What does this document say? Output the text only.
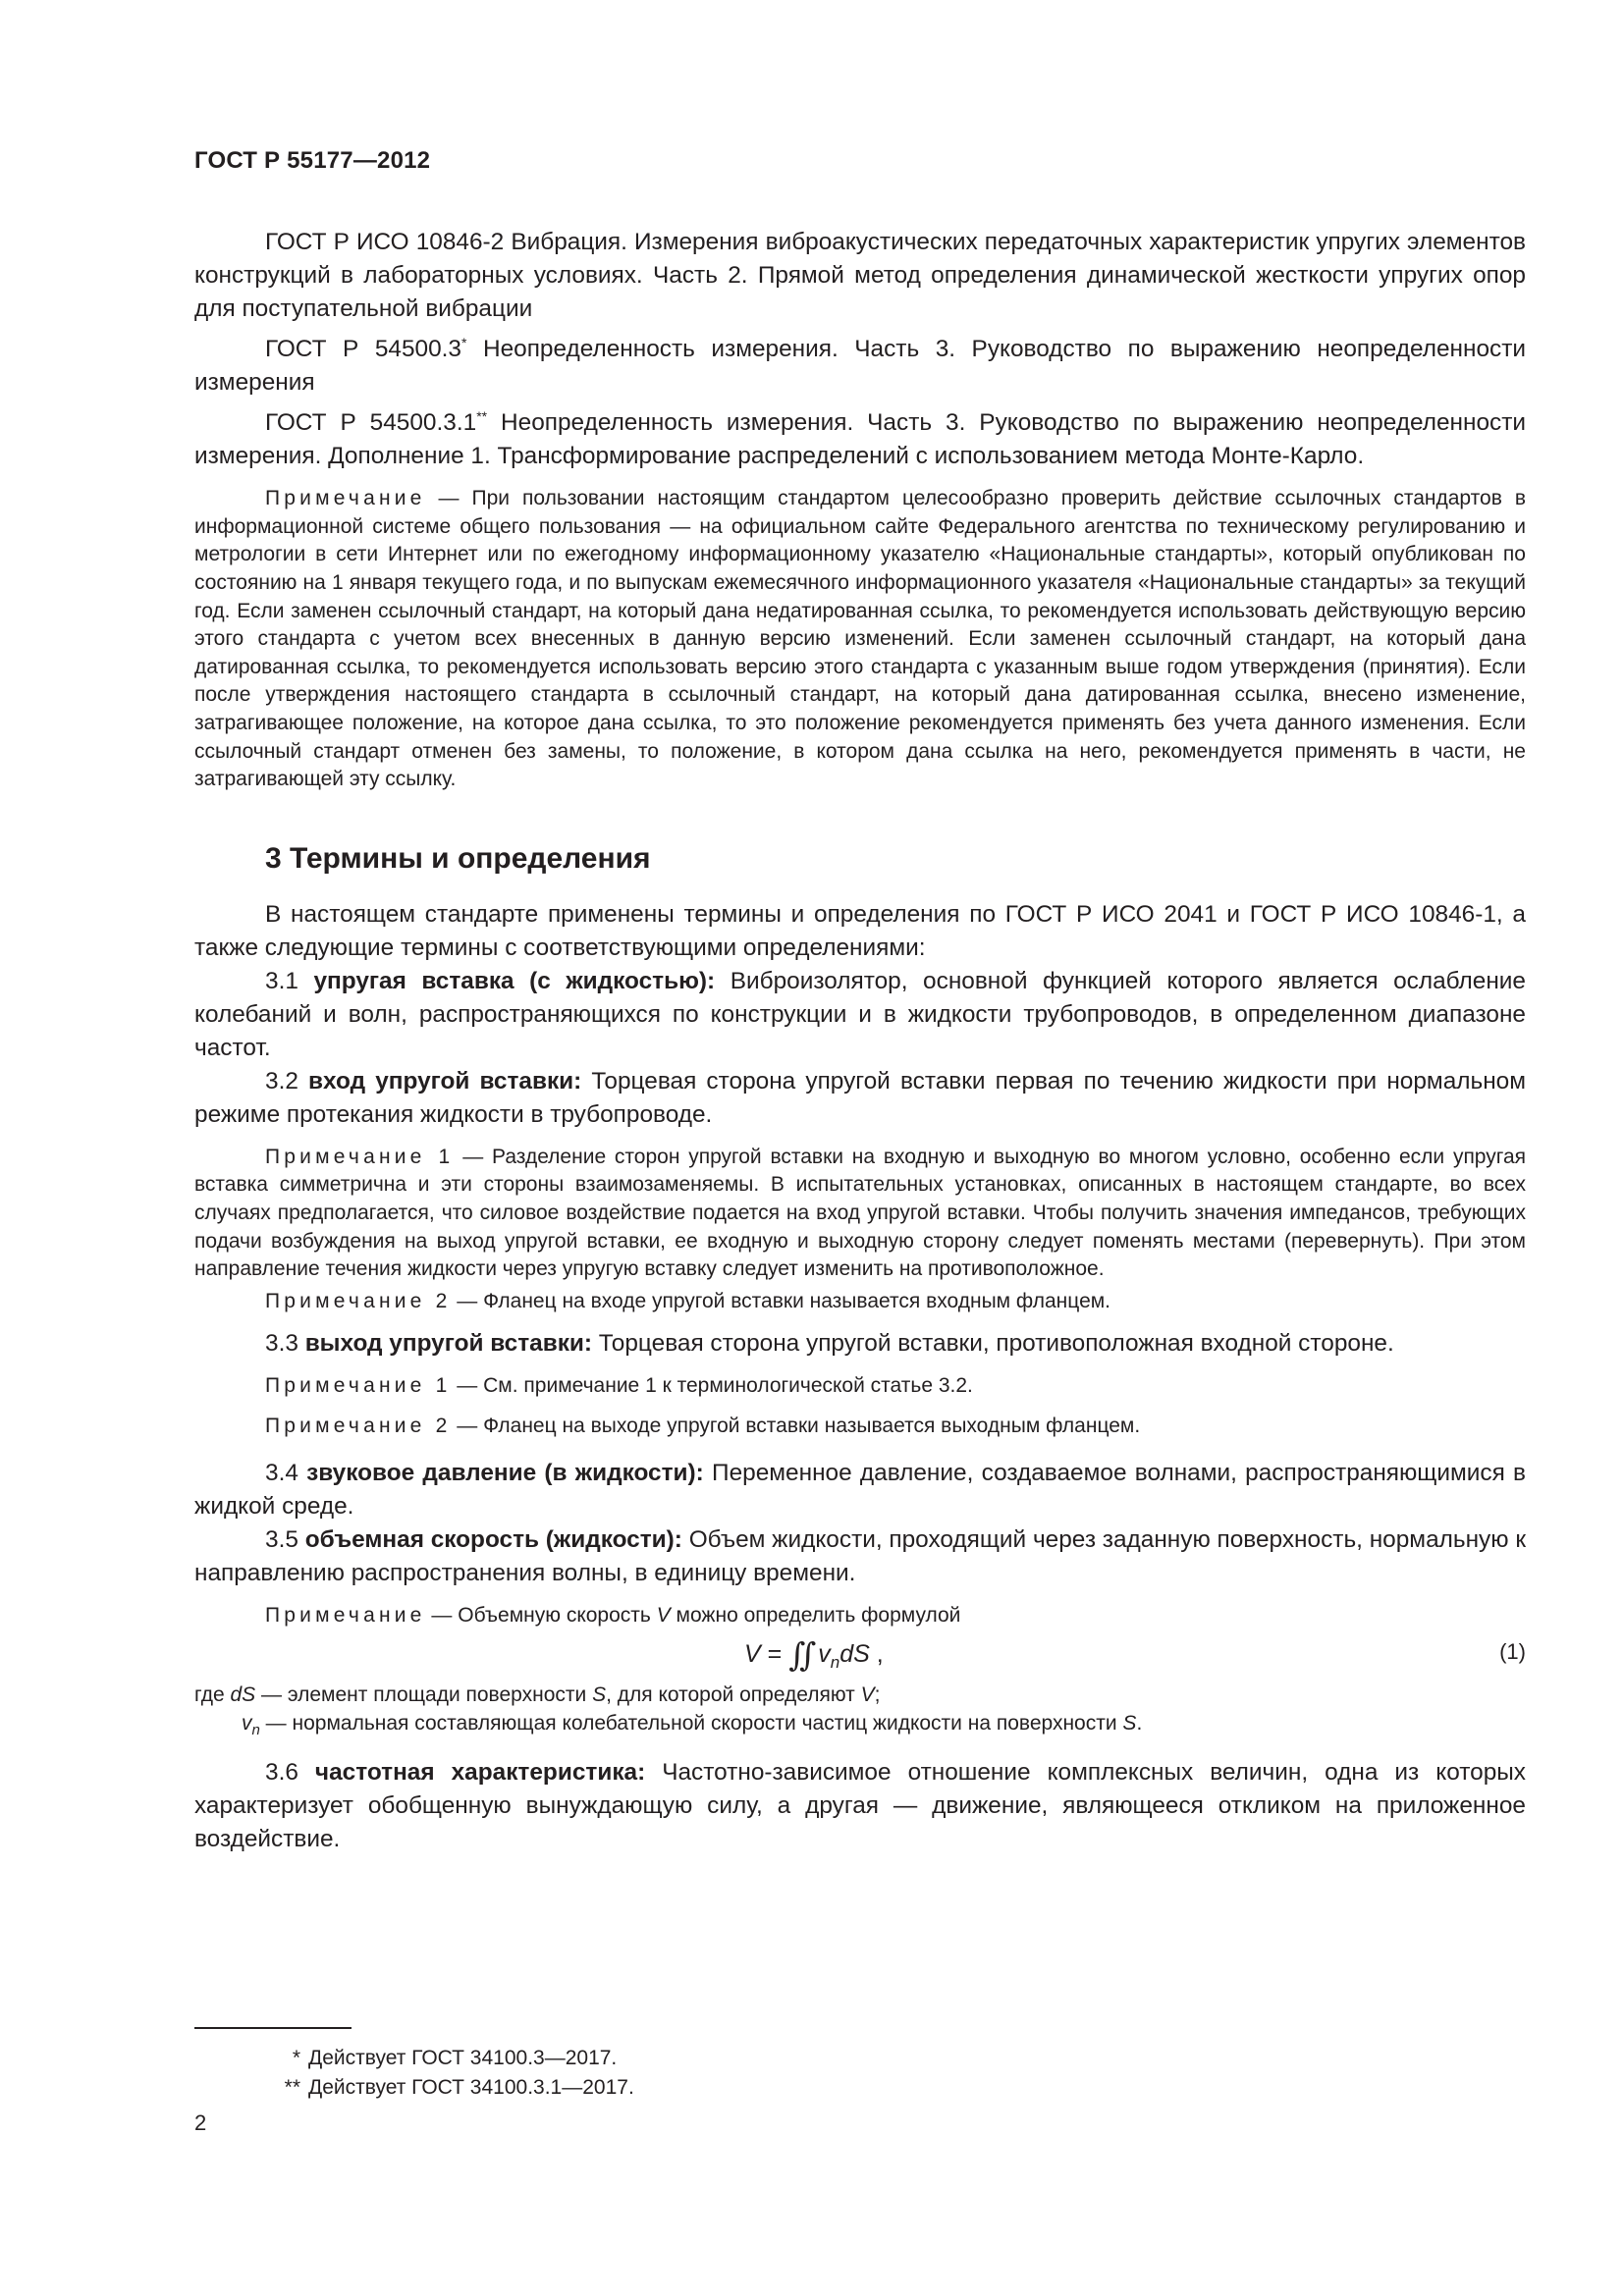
ГОСТ Р 55177—2012

ГОСТ Р ИСО 10846-2 Вибрация. Измерения виброакустических передаточных характеристик упругих элементов конструкций в лабораторных условиях. Часть 2. Прямой метод определения динамической жесткости упругих опор для поступательной вибрации

ГОСТ Р 54500.3* Неопределенность измерения. Часть 3. Руководство по выражению неопределенности измерения

ГОСТ Р 54500.3.1** Неопределенность измерения. Часть 3. Руководство по выражению неопределенности измерения. Дополнение 1. Трансформирование распределений с использованием метода Монте-Карло.

Примечание — При пользовании настоящим стандартом целесообразно проверить действие ссылочных стандартов в информационной системе общего пользования — на официальном сайте Федерального агентства по техническому регулированию и метрологии в сети Интернет или по ежегодному информационному указателю «Национальные стандарты», который опубликован по состоянию на 1 января текущего года, и по выпускам ежемесячного информационного указателя «Национальные стандарты» за текущий год. Если заменен ссылочный стандарт, на который дана недатированная ссылка, то рекомендуется использовать действующую версию этого стандарта с учетом всех внесенных в данную версию изменений. Если заменен ссылочный стандарт, на который дана датированная ссылка, то рекомендуется использовать версию этого стандарта с указанным выше годом утверждения (принятия). Если после утверждения настоящего стандарта в ссылочный стандарт, на который дана датированная ссылка, внесено изменение, затрагивающее положение, на которое дана ссылка, то это положение рекомендуется применять без учета данного изменения. Если ссылочный стандарт отменен без замены, то положение, в котором дана ссылка на него, рекомендуется применять в части, не затрагивающей эту ссылку.

3 Термины и определения

В настоящем стандарте применены термины и определения по ГОСТ Р ИСО 2041 и ГОСТ Р ИСО 10846-1, а также следующие термины с соответствующими определениями:

3.1 упругая вставка (с жидкостью): Виброизолятор, основной функцией которого является ослабление колебаний и волн, распространяющихся по конструкции и в жидкости трубопроводов, в определенном диапазоне частот.

3.2 вход упругой вставки: Торцевая сторона упругой вставки первая по течению жидкости при нормальном режиме протекания жидкости в трубопроводе.

Примечание 1 — Разделение сторон упругой вставки на входную и выходную во многом условно, особенно если упругая вставка симметрична и эти стороны взаимозаменяемы. В испытательных установках, описанных в настоящем стандарте, во всех случаях предполагается, что силовое воздействие подается на вход упругой вставки. Чтобы получить значения импедансов, требующих подачи возбуждения на выход упругой вставки, ее входную и выходную сторону следует поменять местами (перевернуть). При этом направление течения жидкости через упругую вставку следует изменить на противоположное.

Примечание 2 — Фланец на входе упругой вставки называется входным фланцем.

3.3 выход упругой вставки: Торцевая сторона упругой вставки, противоположная входной стороне.

Примечание 1 — См. примечание 1 к терминологической статье 3.2.

Примечание 2 — Фланец на выходе упругой вставки называется выходным фланцем.

3.4 звуковое давление (в жидкости): Переменное давление, создаваемое волнами, распространяющимися в жидкой среде.

3.5 объемная скорость (жидкости): Объем жидкости, проходящий через заданную поверхность, нормальную к направлению распространения волны, в единицу времени.

Примечание — Объемную скорость V можно определить формулой

V = ∬ $v_ndS$ ,	(1)

где dS — элемент площади поверхности S, для которой определяют V;

$v_n$ — нормальная составляющая колебательной скорости частиц жидкости на поверхности S.

3.6 частотная характеристика: Частотно-зависимое отношение комплексных величин, одна из которых характеризует обобщенную вынуждающую силу, а другая — движение, являющееся откликом на приложенное воздействие.

* Действует ГОСТ 34100.3—2017.
** Действует ГОСТ 34100.3.1—2017.
2
